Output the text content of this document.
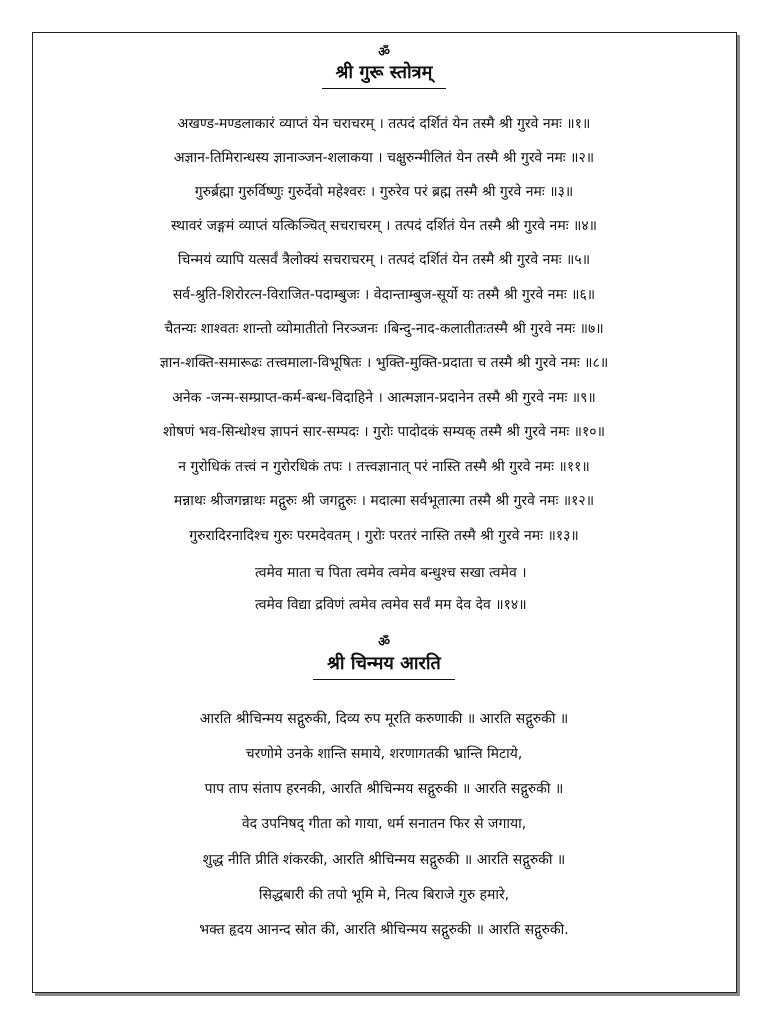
ॐ
श्री गुरू स्तोत्रम्
अखण्ड-मण्डलाकारं व्याप्तं येन चराचरम् । तत्पदं दर्शितं येन तस्मै श्री गुरवे नमः ॥१॥
अज्ञान-तिमिरान्धस्य ज्ञानाञ्जन-शलाकया । चक्षुरुन्मीलितं येन तस्मै श्री गुरवे नमः ॥२॥
गुरुर्ब्रह्मा गुरुर्विष्णुः गुरुर्देवो महेश्वरः । गुरुरेव परं ब्रह्म तस्मै श्री गुरवे नमः ॥३॥
स्थावरं जङ्गमं व्याप्तं यत्किञ्चित् सचराचरम् । तत्पदं दर्शितं येन तस्मै श्री गुरवे नमः ॥४॥
चिन्मयं व्यापि यत्सर्वं त्रैलोक्यं सचराचरम् । तत्पदं दर्शितं येन तस्मै श्री गुरवे नमः ॥५॥
सर्व-श्रुति-शिरोरत्न-विराजित-पदाम्बुजः । वेदान्ताम्बुज-सूर्यो यः तस्मै श्री गुरवे नमः ॥६॥
चैतन्यः शाश्वतः शान्तो व्योमातीतो निरञ्जनः ।बिन्दु-नाद-कलातीतःतस्मै श्री गुरवे नमः ॥७॥
ज्ञान-शक्ति-समारूढः तत्त्वमाला-विभूषितः । भुक्ति-मुक्ति-प्रदाता च तस्मै श्री गुरवे नमः ॥८॥
अनेक -जन्म-सम्प्राप्त-कर्म-बन्ध-विदाहिने । आत्मज्ञान-प्रदानेन तस्मै श्री गुरवे नमः ॥९॥
शोषणं भव-सिन्धोश्च ज्ञापनं सार-सम्पदः । गुरोः पादोदकं सम्यक् तस्मै श्री गुरवे नमः ॥१०॥
न गुरोधिकं तत्त्वं न गुरोरधिकं तपः । तत्त्वज्ञानात् परं नास्ति तस्मै श्री गुरवे नमः ॥११॥
मन्नाथः श्रीजगन्नाथः मद्गुरुः श्री जगद्गुरुः । मदात्मा सर्वभूतात्मा तस्मै श्री गुरवे नमः ॥१२॥
गुरुरादिरनादिश्च गुरुः परमदेवतम् । गुरोः परतरं नास्ति तस्मै श्री गुरवे नमः ॥१३॥
त्वमेव माता च पिता त्वमेव त्वमेव बन्धुश्च सखा त्वमेव ।
त्वमेव विद्या द्रविणं त्वमेव त्वमेव सर्वं मम देव देव ॥१४॥
ॐ
श्री चिन्मय आरति
आरति श्रीचिन्मय सद्गुरुकी, दिव्य रुप मूरति करुणाकी ॥ आरति सद्गुरुकी ॥
चरणोमे उनके शान्ति समाये, शरणागतकी भ्रान्ति मिटाये,
पाप ताप संताप हरनकी, आरति श्रीचिन्मय सद्गुरुकी ॥ आरति सद्गुरुकी ॥
वेद उपनिषद् गीता को गाया, धर्म सनातन फिर से जगाया,
शुद्ध नीति प्रीति शंकरकी, आरति श्रीचिन्मय सद्गुरुकी ॥ आरति सद्गुरुकी ॥
सिद्धबारी की तपो भूमि मे, नित्य बिराजे गुरु हमारे,
भक्त हृदय आनन्द स्रोत की, आरति श्रीचिन्मय सद्गुरुकी ॥ आरति सद्गुरुकी.
